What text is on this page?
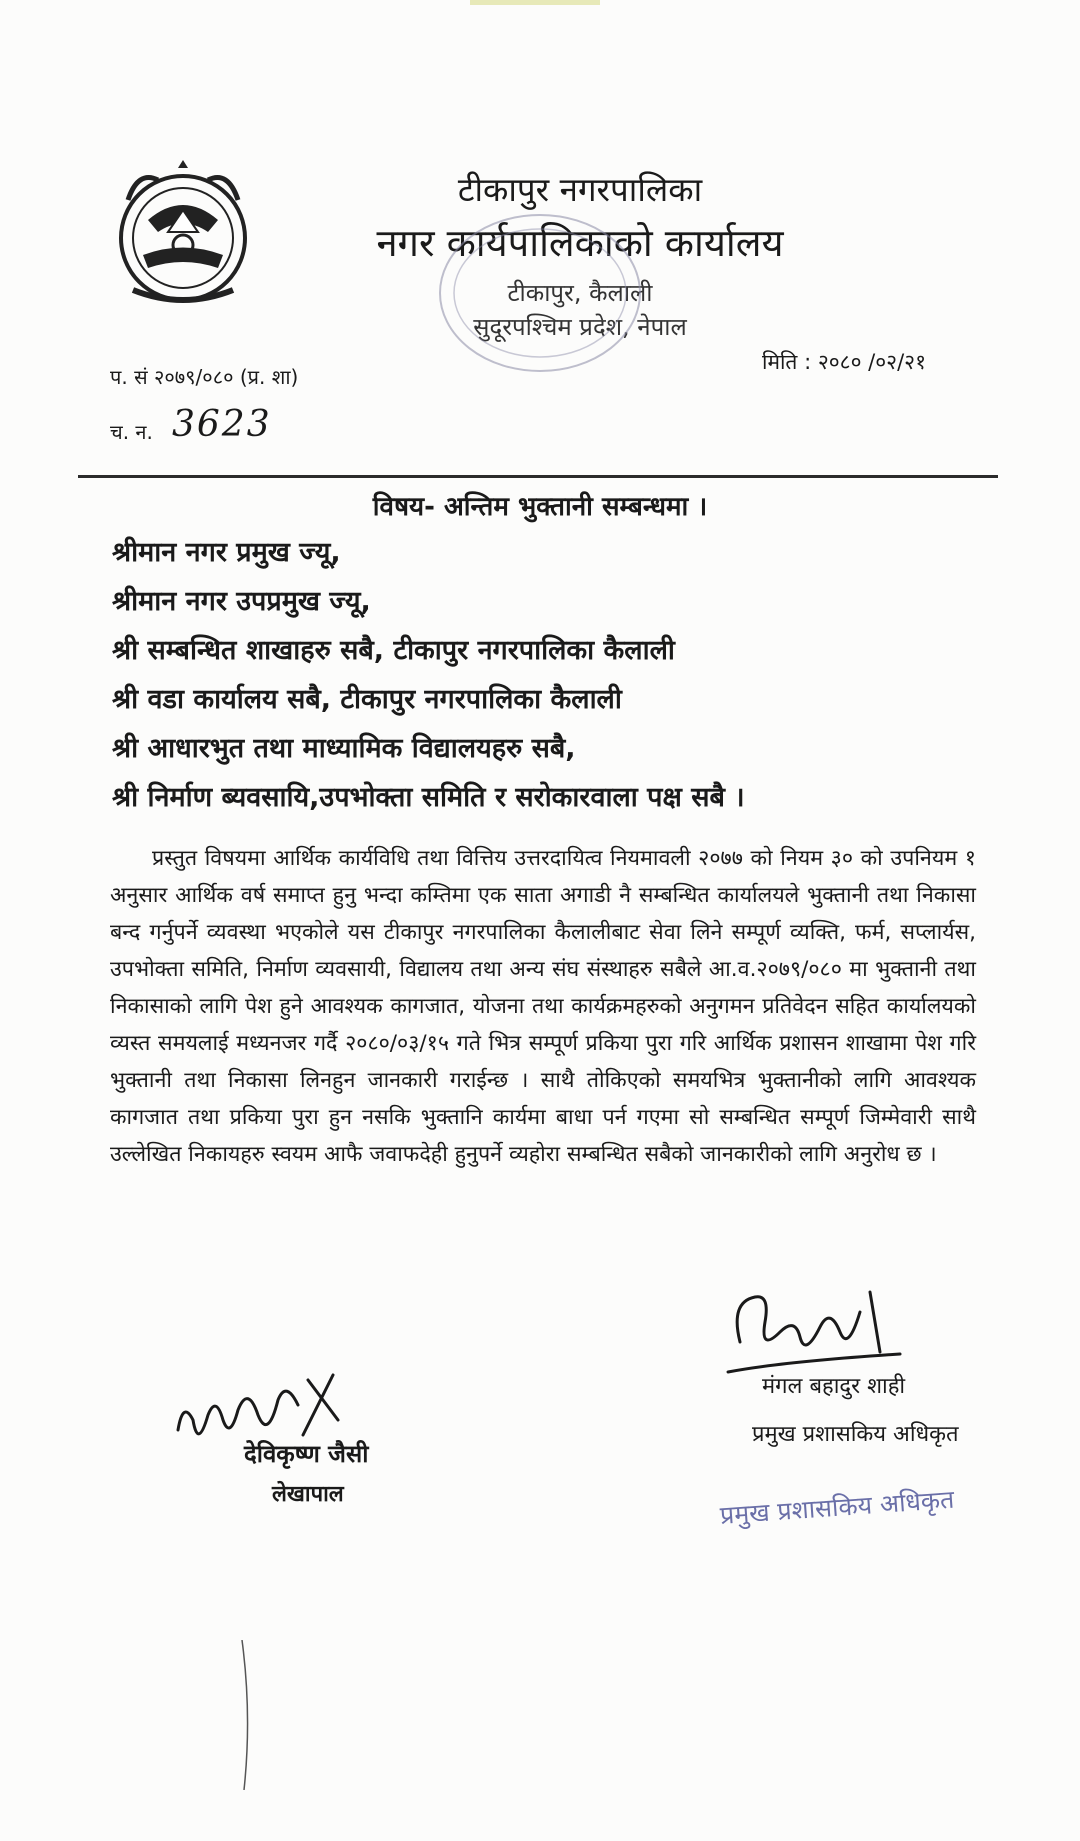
टीकापुर नगरपालिका
नगर कार्यपालिकाको कार्यालय
टीकापुर, कैलाली
सुदूरपश्चिम प्रदेश, नेपाल
प. सं २०७९/०८० (प्र. शा)
मिति : २०८० /०२/२१
च. न. 3623
विषय- अन्तिम भुक्तानी सम्बन्धमा ।
श्रीमान नगर प्रमुख ज्यू,
श्रीमान नगर उपप्रमुख ज्यू,
श्री सम्बन्धित शाखाहरु सबै, टीकापुर नगरपालिका कैलाली
श्री वडा कार्यालय सबै, टीकापुर नगरपालिका कैलाली
श्री आधारभुत तथा माध्यामिक विद्यालयहरु सबै,
श्री निर्माण ब्यवसायि,उपभोक्ता समिति र सरोकारवाला पक्ष सबै ।

प्रस्तुत विषयमा आर्थिक कार्यविधि तथा वित्तिय उत्तरदायित्व नियमावली २०७७ को नियम ३० को उपनियम १ अनुसार आर्थिक वर्ष समाप्त हुनु भन्दा कम्तिमा एक साता अगाडी नै सम्बन्धित कार्यालयले भुक्तानी तथा निकासा बन्द गर्नुपर्ने व्यवस्था भएकोले यस टीकापुर नगरपालिका कैलालीबाट सेवा लिने सम्पूर्ण व्यक्ति, फर्म, सप्लार्यस, उपभोक्ता समिति, निर्माण व्यवसायी, विद्यालय तथा अन्य संघ संस्थाहरु सबैले आ.व.२०७९/०८० मा भुक्तानी तथा निकासाको लागि पेश हुने आवश्यक कागजात, योजना तथा कार्यक्रमहरुको अनुगमन प्रतिवेदन सहित कार्यालयको व्यस्त समयलाई मध्यनजर गर्दै २०८०/०३/१५ गते भित्र सम्पूर्ण प्रकिया पुरा गरि आर्थिक प्रशासन शाखामा पेश गरि भुक्तानी तथा निकासा लिनहुन जानकारी गराईन्छ । साथै तोकिएको समयभित्र भुक्तानीको लागि आवश्यक कागजात तथा प्रकिया पुरा हुन नसकि भुक्तानि कार्यमा बाधा पर्न गएमा सो सम्बन्धित सम्पूर्ण जिम्मेवारी साथै उल्लेखित निकायहरु स्वयम आफै जवाफदेही हुनुपर्ने व्यहोरा सम्बन्धित सबैको जानकारीको लागि अनुरोध छ ।

देविकृष्ण जैसी
लेखापाल
मंगल बहादुर शाही
प्रमुख प्रशासकिय अधिकृत
प्रमुख प्रशासकिय अधिकृत
